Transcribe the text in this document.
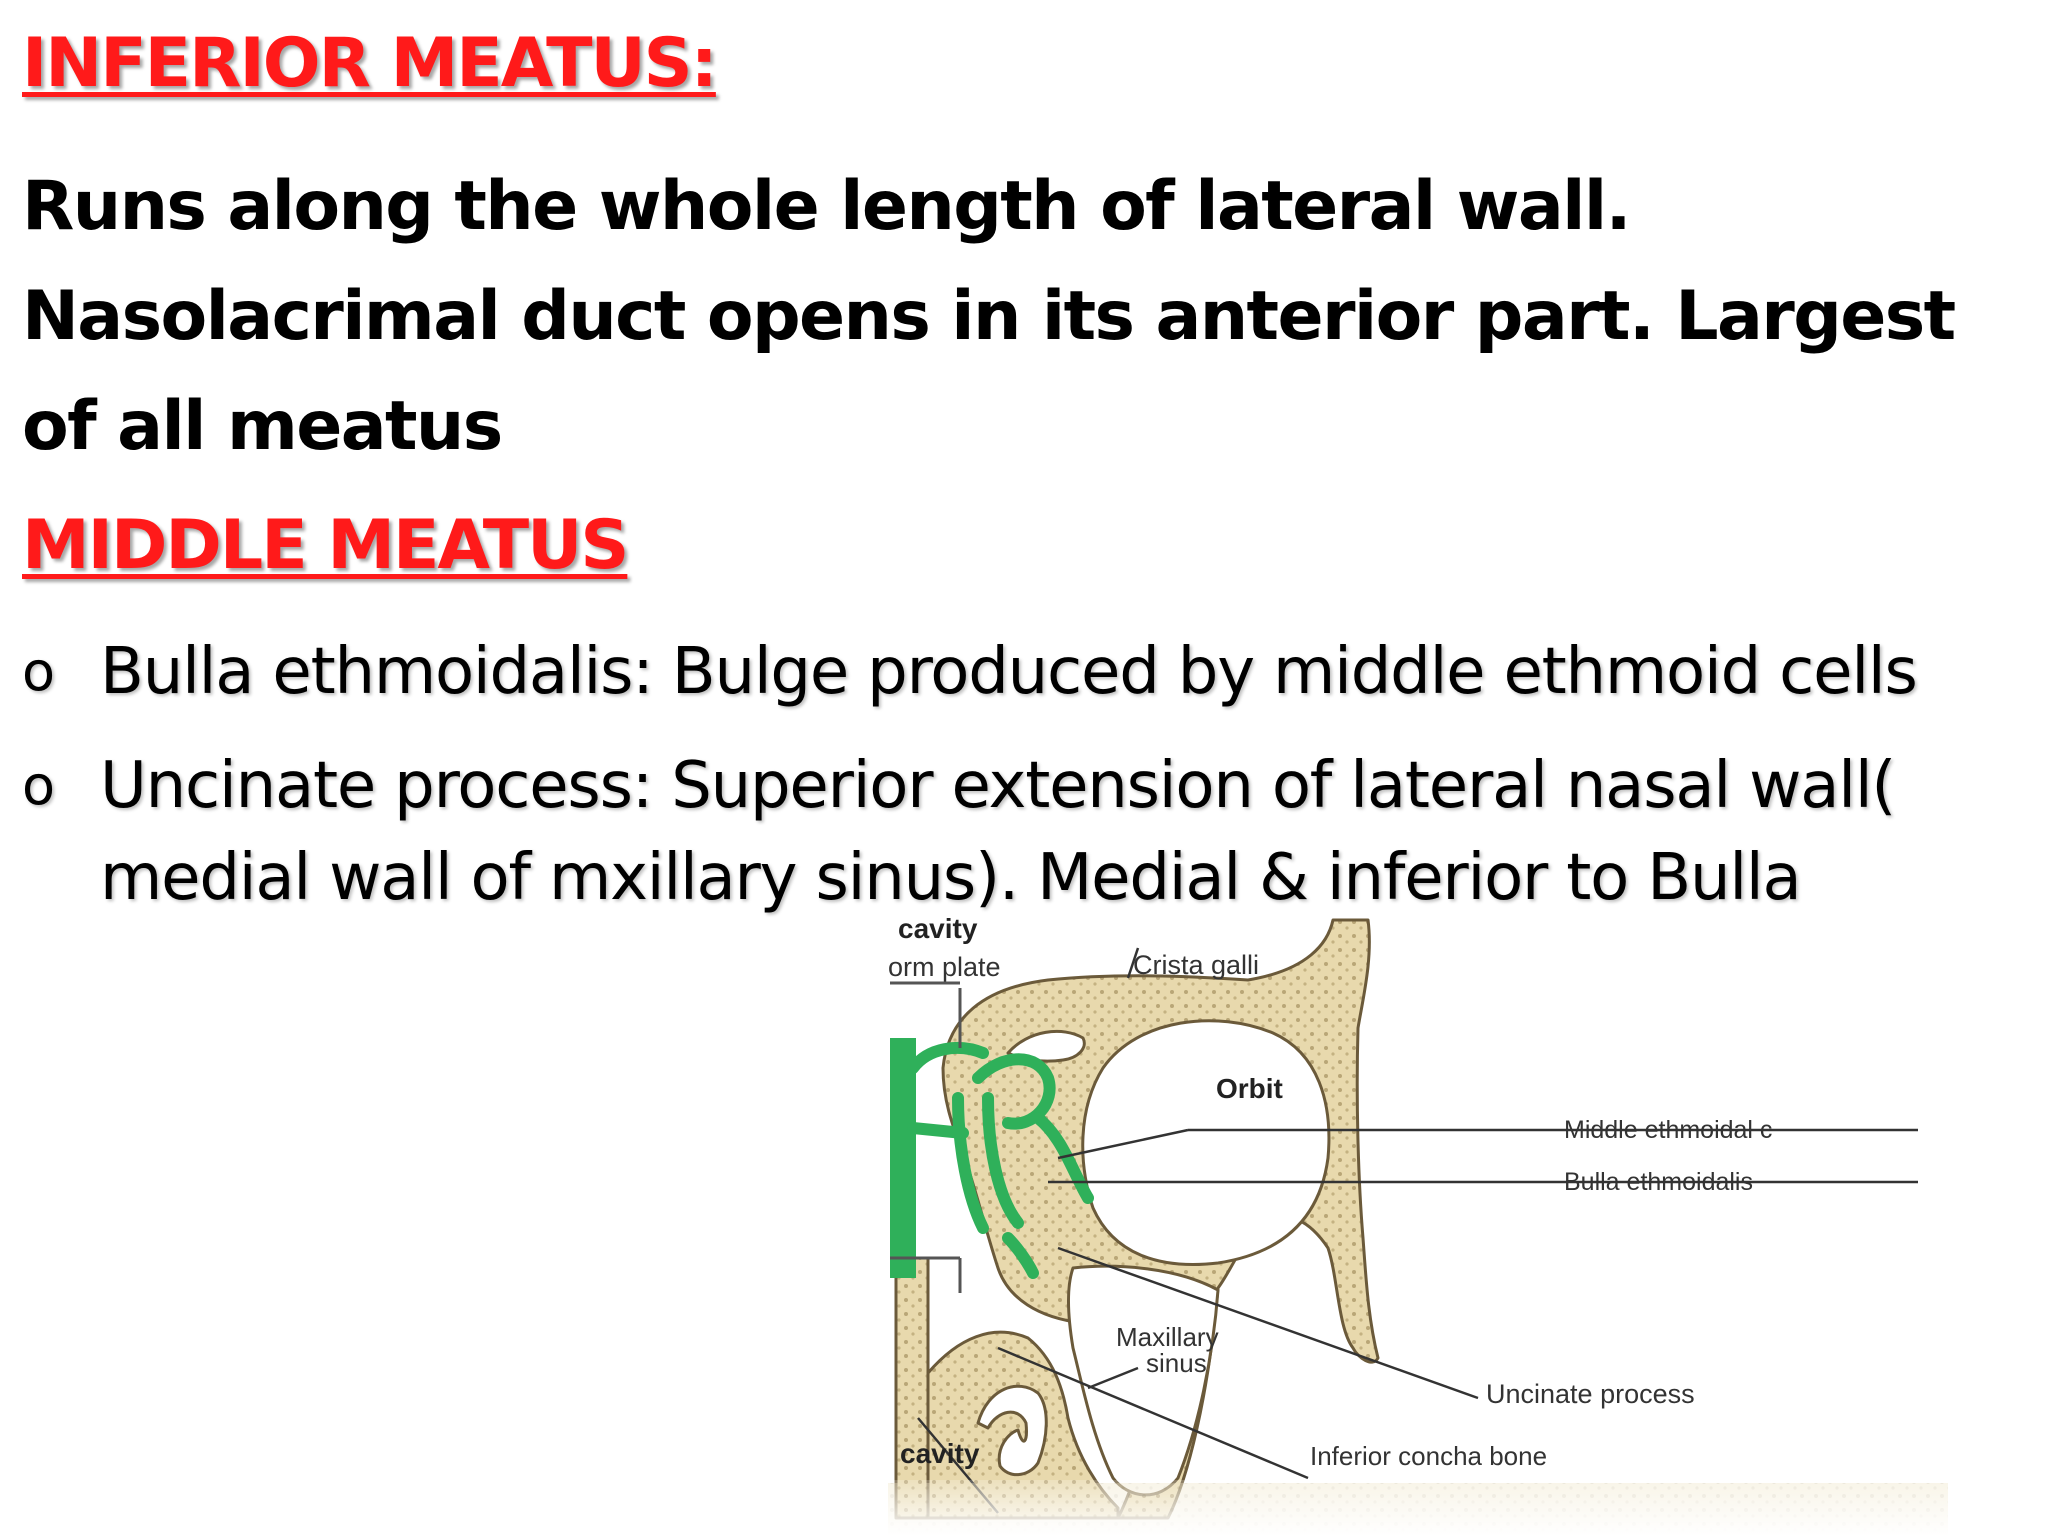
INFERIOR MEATUS:

Runs along the whole length of lateral wall. Nasolacrimal duct opens in its anterior part. Largest of all meatus

MIDDLE MEATUS
o Bulla ethmoidalis: Bulge produced by middle ethmoid cells
o Uncinate process: Superior extension of lateral nasal wall( medial wall of mxillary sinus). Medial & inferior to Bulla
cavity
orm plate	Crista galli
Orbit
Middle ethmoidal c
Bulla ethmoidalis
Maxillary
sinus
Uncinate process
cavity	Inferior concha bone
